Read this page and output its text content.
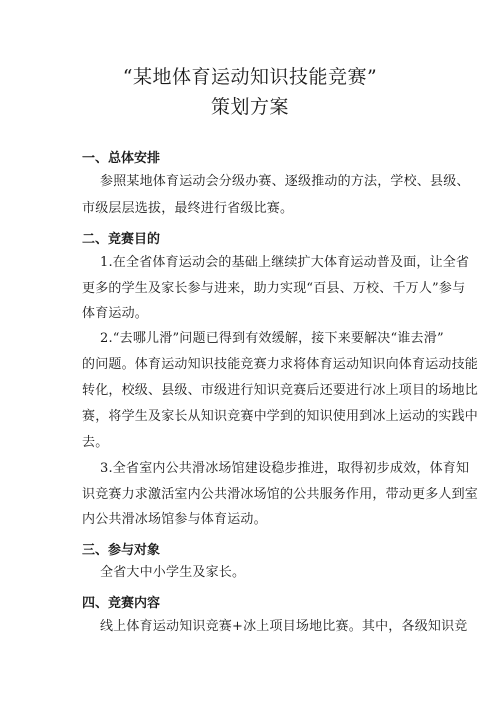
“某地体育运动知识技能竞赛”
策划方案
一、总体安排
参照某地体育运动会分级办赛、逐级推动的方法，学校、县级、
市级层层选拔，最终进行省级比赛。
二、竞赛目的
1.在全省体育运动会的基础上继续扩大体育运动普及面，让全省
更多的学生及家长参与进来，助力实现“百县、万校、千万人”参与
体育运动。
2.“去哪儿滑”问题已得到有效缓解，接下来要解决“谁去滑”
的问题。体育运动知识技能竞赛力求将体育运动知识向体育运动技能
转化，校级、县级、市级进行知识竞赛后还要进行冰上项目的场地比
赛，将学生及家长从知识竞赛中学到的知识使用到冰上运动的实践中
去。
3.全省室内公共滑冰场馆建设稳步推进，取得初步成效，体育知
识竞赛力求激活室内公共滑冰场馆的公共服务作用，带动更多人到室
内公共滑冰场馆参与体育运动。
三、参与对象
全省大中小学生及家长。
四、竞赛内容
线上体育运动知识竞赛+冰上项目场地比赛。其中，各级知识竞
